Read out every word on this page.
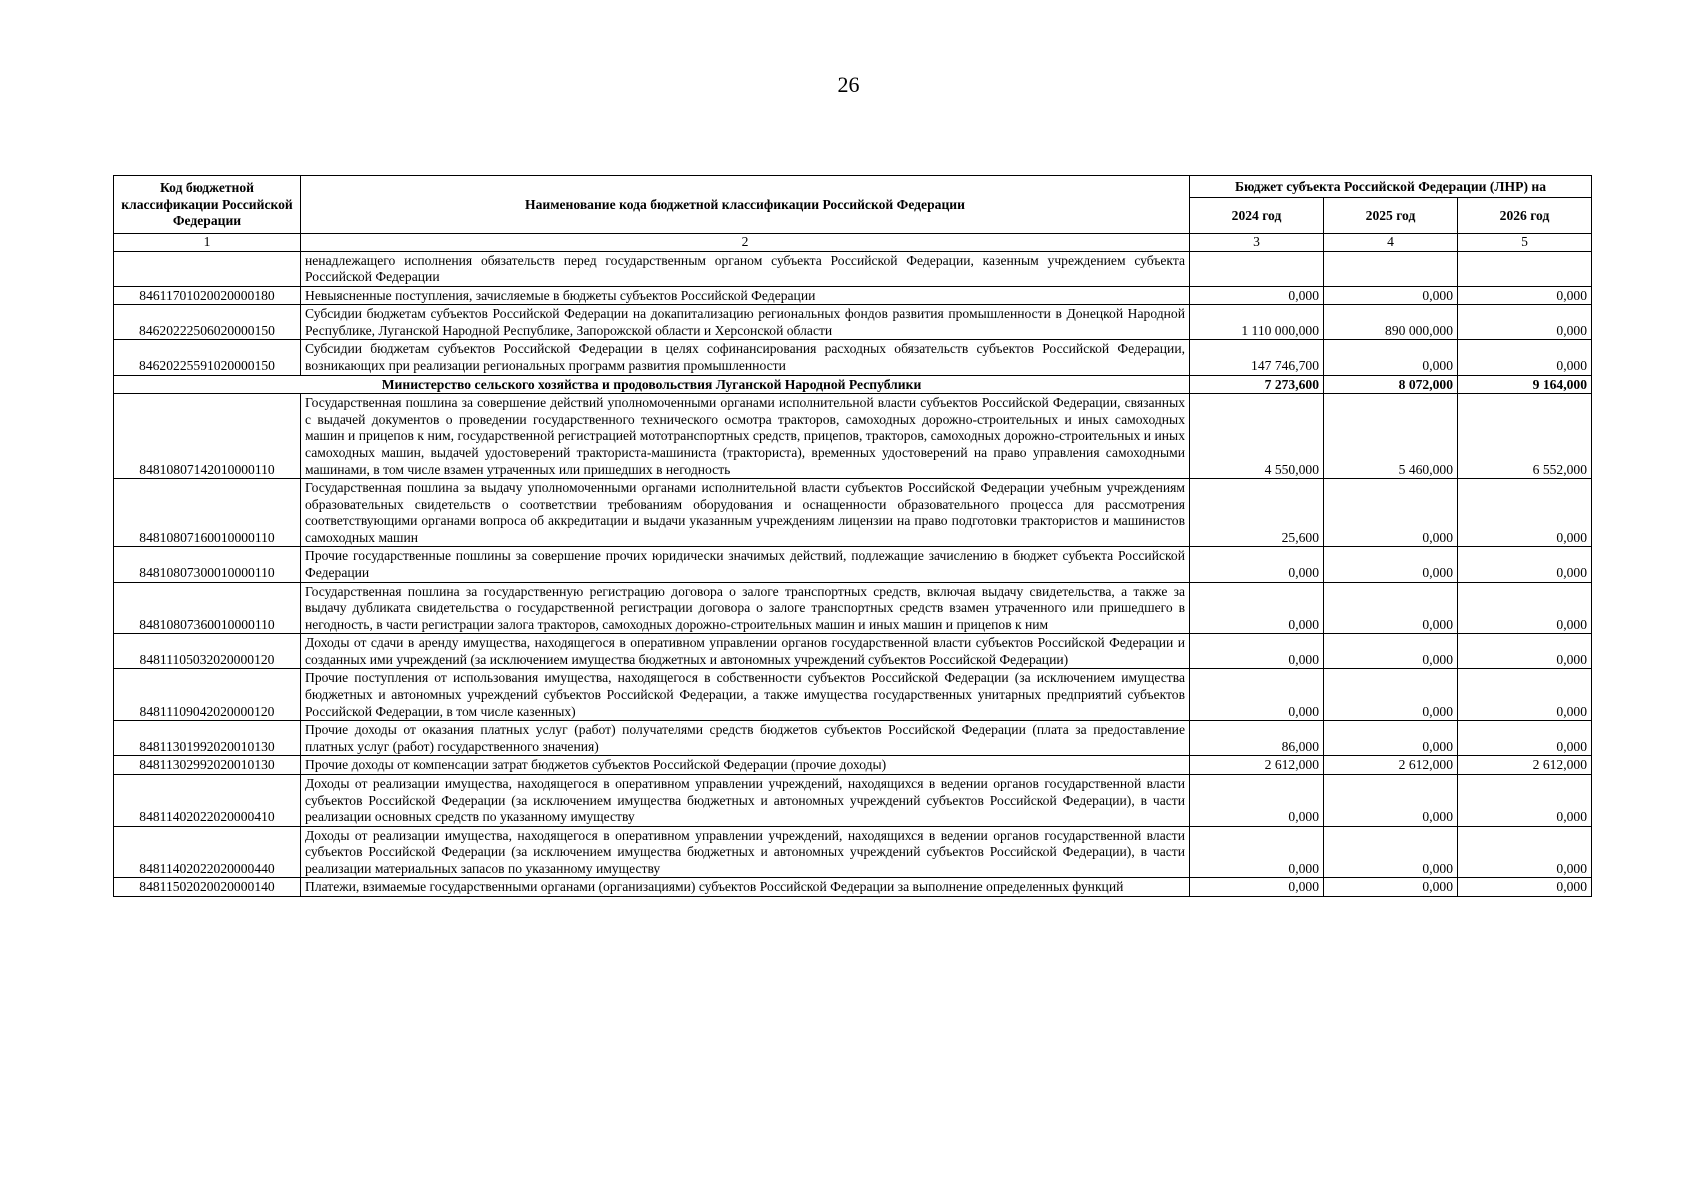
26
Код бюджетной классификации Российской Федерации	Наименование кода бюджетной классификации Российской Федерации	Бюджет субъекта Российской Федерации (ЛНР) на		
		2024 год	2025 год	2026 год
1	2	3	4	5
	ненадлежащего исполнения обязательств перед государственным органом субъекта Российской Федерации, казенным учреждением субъекта Российской Федерации			
84611701020020000180	Невыясненные поступления, зачисляемые в бюджеты субъектов Российской Федерации	0,000	0,000	0,000
84620222506020000150	Субсидии бюджетам субъектов Российской Федерации на докапитализацию региональных фондов развития промышленности в Донецкой Народной Республике, Луганской Народной Республике, Запорожской области и Херсонской области	1 110 000,000	890 000,000	0,000
84620225591020000150	Субсидии бюджетам субъектов Российской Федерации в целях софинансирования расходных обязательств субъектов Российской Федерации, возникающих при реализации региональных программ развития промышленности	147 746,700	0,000	0,000
Министерство сельского хозяйства и продовольствия Луганской Народной Республики		7 273,600	8 072,000	9 164,000
84810807142010000110	Государственная пошлина за совершение действий уполномоченными органами исполнительной власти субъектов Российской Федерации, связанных с выдачей документов о проведении государственного технического осмотра тракторов, самоходных дорожно-строительных и иных самоходных машин и прицепов к ним, государственной регистрацией мототранспортных средств, прицепов, тракторов, самоходных дорожно-строительных и иных самоходных машин, выдачей удостоверений тракториста-машиниста (тракториста), временных удостоверений на право управления самоходными машинами, в том числе взамен утраченных или пришедших в негодность	4 550,000	5 460,000	6 552,000
84810807160010000110	Государственная пошлина за выдачу уполномоченными органами исполнительной власти субъектов Российской Федерации учебным учреждениям образовательных свидетельств о соответствии требованиям оборудования и оснащенности образовательного процесса для рассмотрения соответствующими органами вопроса об аккредитации и выдачи указанным учреждениям лицензии на право подготовки трактористов и машинистов самоходных машин	25,600	0,000	0,000
84810807300010000110	Прочие государственные пошлины за совершение прочих юридически значимых действий, подлежащие зачислению в бюджет субъекта Российской Федерации	0,000	0,000	0,000
84810807360010000110	Государственная пошлина за государственную регистрацию договора о залоге транспортных средств, включая выдачу свидетельства, а также за выдачу дубликата свидетельства о государственной регистрации договора о залоге транспортных средств взамен утраченного или пришедшего в негодность, в части регистрации залога тракторов, самоходных дорожно-строительных машин и иных машин и прицепов к ним	0,000	0,000	0,000
84811105032020000120	Доходы от сдачи в аренду имущества, находящегося в оперативном управлении органов государственной власти субъектов Российской Федерации и созданных ими учреждений (за исключением имущества бюджетных и автономных учреждений субъектов Российской Федерации)	0,000	0,000	0,000
84811109042020000120	Прочие поступления от использования имущества, находящегося в собственности субъектов Российской Федерации (за исключением имущества бюджетных и автономных учреждений субъектов Российской Федерации, а также имущества государственных унитарных предприятий субъектов Российской Федерации, в том числе казенных)	0,000	0,000	0,000
84811301992020010130	Прочие доходы от оказания платных услуг (работ) получателями средств бюджетов субъектов Российской Федерации (плата за предоставление платных услуг (работ) государственного значения)	86,000	0,000	0,000
84811302992020010130	Прочие доходы от компенсации затрат бюджетов субъектов Российской Федерации (прочие доходы)	2 612,000	2 612,000	2 612,000
84811402022020000410	Доходы от реализации имущества, находящегося в оперативном управлении учреждений, находящихся в ведении органов государственной власти субъектов Российской Федерации (за исключением имущества бюджетных и автономных учреждений субъектов Российской Федерации), в части реализации основных средств по указанному имуществу	0,000	0,000	0,000
84811402022020000440	Доходы от реализации имущества, находящегося в оперативном управлении учреждений, находящихся в ведении органов государственной власти субъектов Российской Федерации (за исключением имущества бюджетных и автономных учреждений субъектов Российской Федерации), в части реализации материальных запасов по указанному имуществу	0,000	0,000	0,000
84811502020020000140	Платежи, взимаемые государственными органами (организациями) субъектов Российской Федерации за выполнение определенных функций	0,000	0,000	0,000
